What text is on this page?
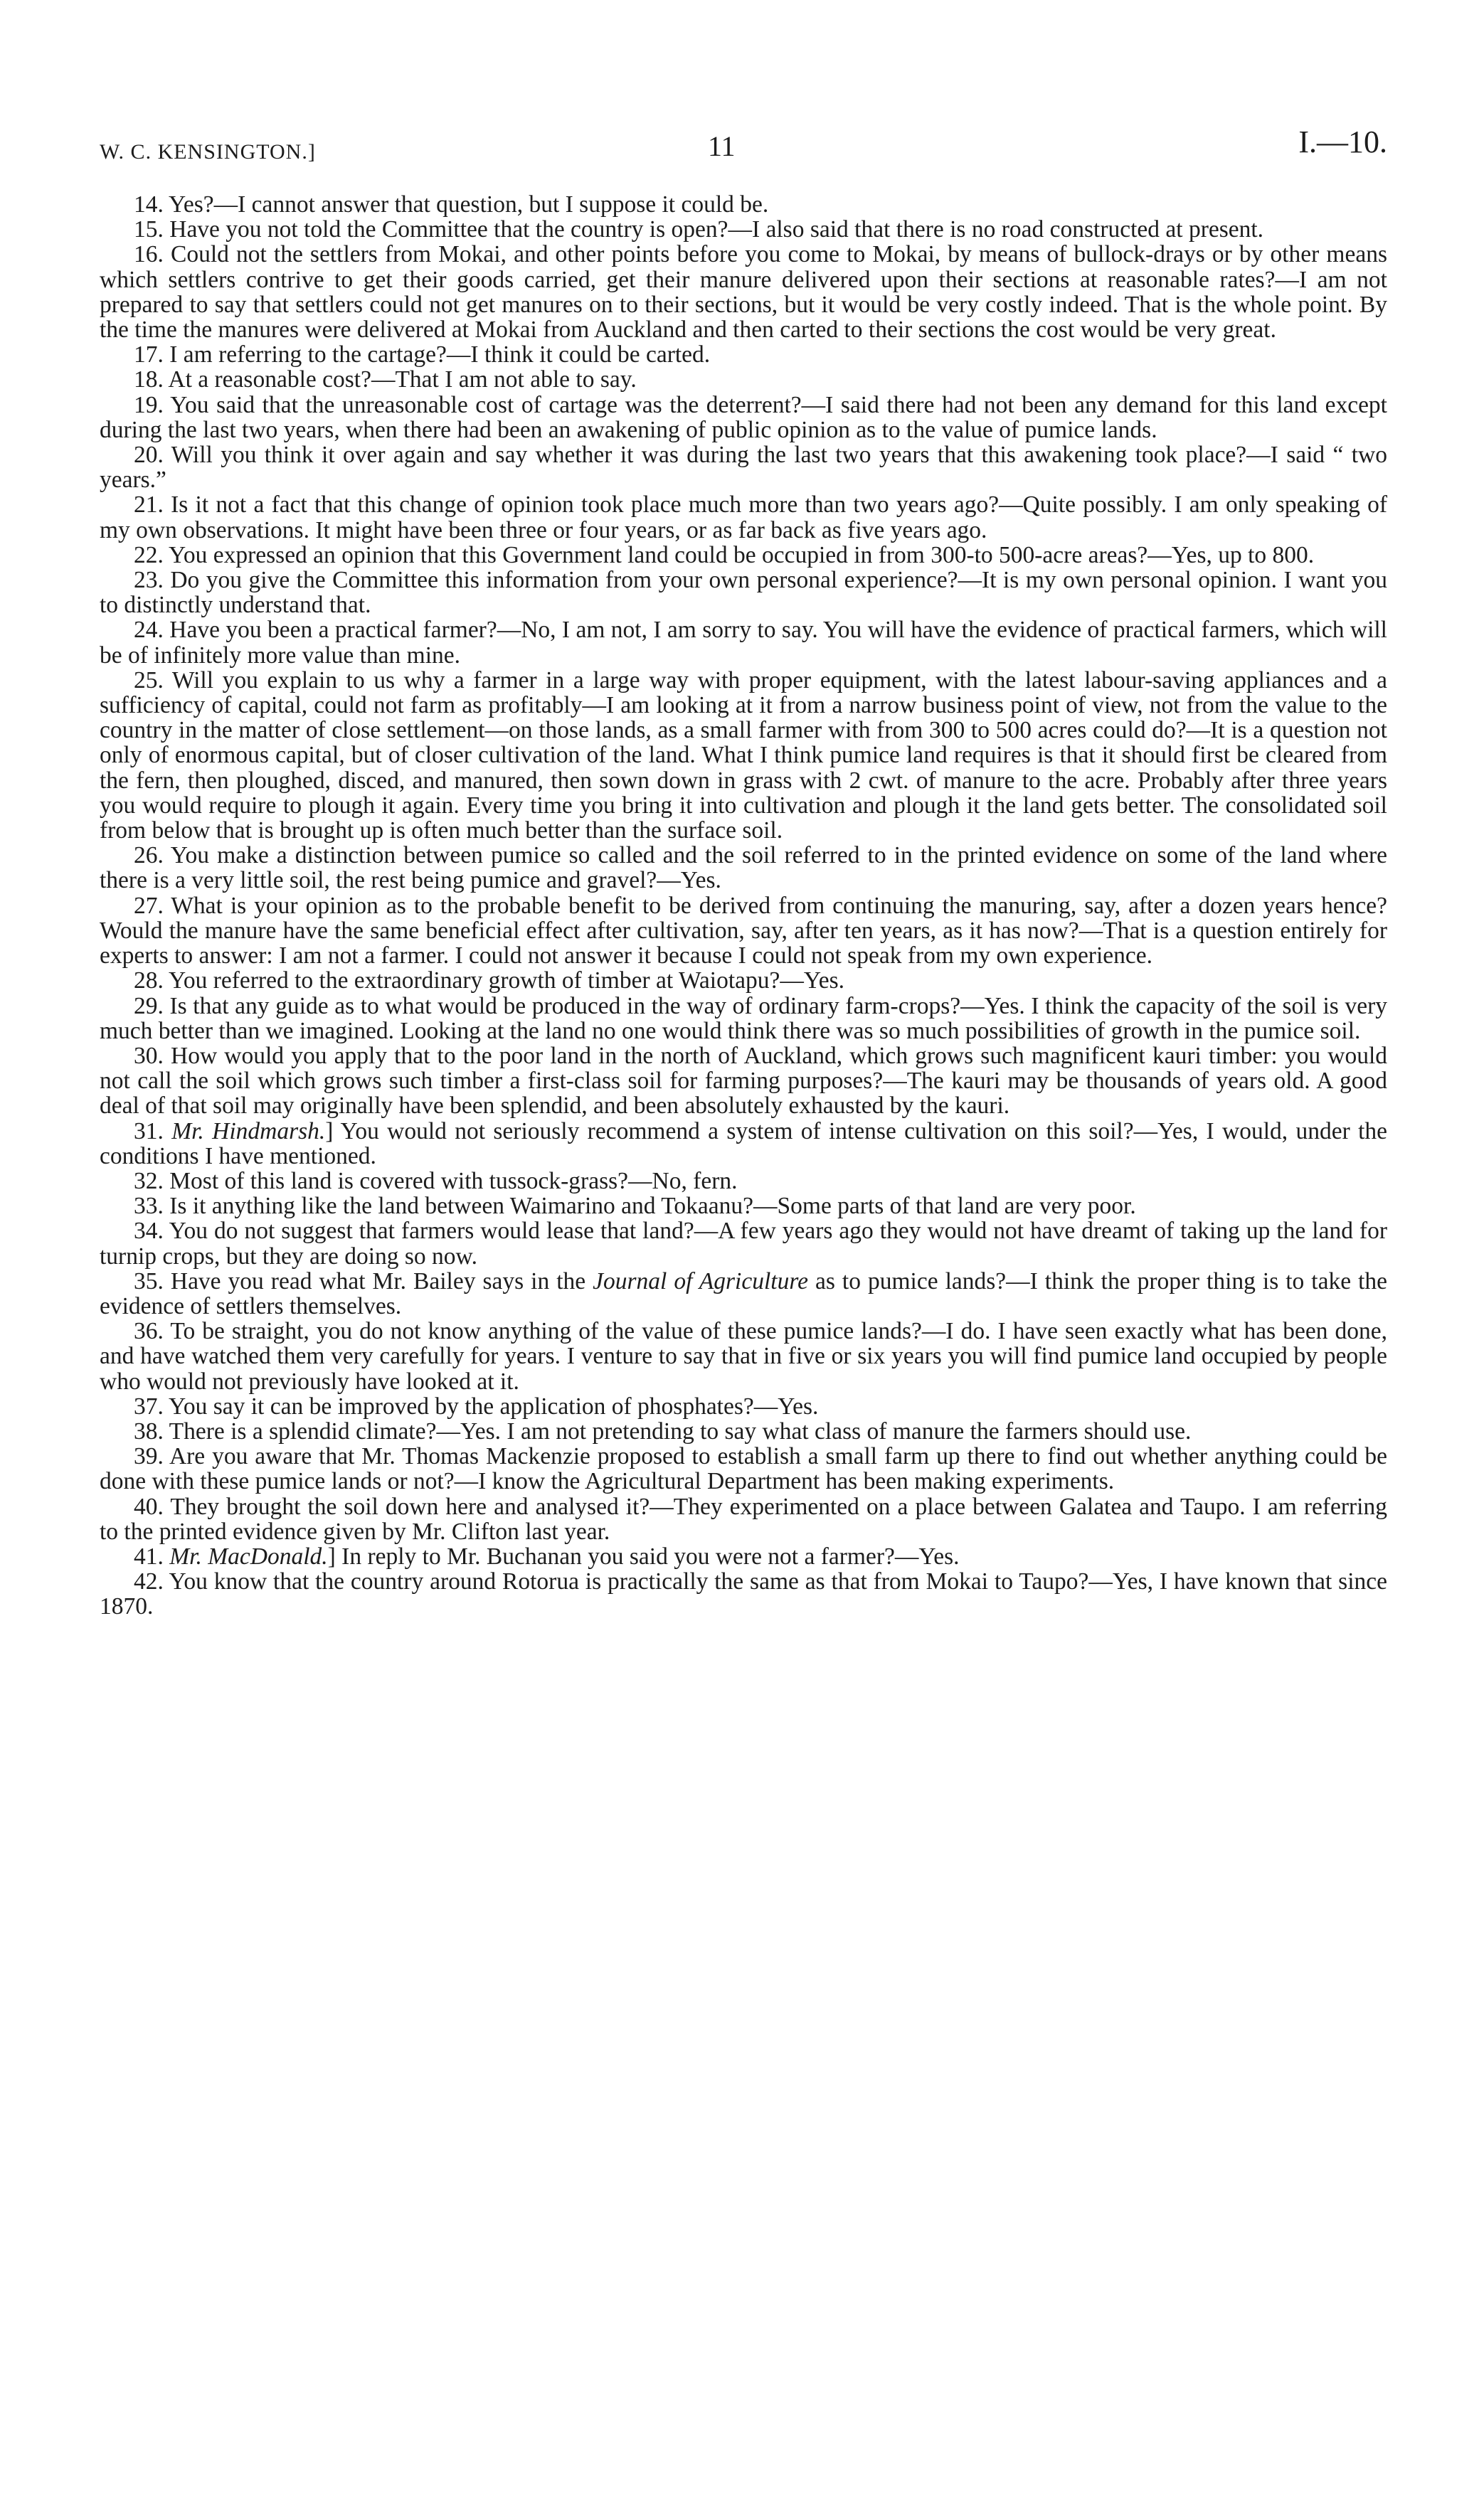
W. C. KENSINGTON.]	11	I.—10.

14. Yes?—I cannot answer that question, but I suppose it could be.

15. Have you not told the Committee that the country is open?—I also said that there is no road constructed at present.

16. Could not the settlers from Mokai, and other points before you come to Mokai, by means of bullock-drays or by other means which settlers contrive to get their goods carried, get their manure delivered upon their sections at reasonable rates?—I am not prepared to say that settlers could not get manures on to their sections, but it would be very costly indeed. That is the whole point. By the time the manures were delivered at Mokai from Auckland and then carted to their sections the cost would be very great.

17. I am referring to the cartage?—I think it could be carted.

18. At a reasonable cost?—That I am not able to say.

19. You said that the unreasonable cost of cartage was the deterrent?—I said there had not been any demand for this land except during the last two years, when there had been an awakening of public opinion as to the value of pumice lands.

20. Will you think it over again and say whether it was during the last two years that this awakening took place?—I said “ two years.”

21. Is it not a fact that this change of opinion took place much more than two years ago?—Quite possibly. I am only speaking of my own observations. It might have been three or four years, or as far back as five years ago.

22. You expressed an opinion that this Government land could be occupied in from 300-to 500-acre areas?—Yes, up to 800.

23. Do you give the Committee this information from your own personal experience?—It is my own personal opinion. I want you to distinctly understand that.

24. Have you been a practical farmer?—No, I am not, I am sorry to say. You will have the evidence of practical farmers, which will be of infinitely more value than mine.

25. Will you explain to us why a farmer in a large way with proper equipment, with the latest labour-saving appliances and a sufficiency of capital, could not farm as profitably—I am looking at it from a narrow business point of view, not from the value to the country in the matter of close settlement—on those lands, as a small farmer with from 300 to 500 acres could do?—It is a question not only of enormous capital, but of closer cultivation of the land. What I think pumice land requires is that it should first be cleared from the fern, then ploughed, disced, and manured, then sown down in grass with 2 cwt. of manure to the acre. Probably after three years you would require to plough it again. Every time you bring it into cultivation and plough it the land gets better. The consolidated soil from below that is brought up is often much better than the surface soil.

26. You make a distinction between pumice so called and the soil referred to in the printed evidence on some of the land where there is a very little soil, the rest being pumice and gravel?—Yes.

27. What is your opinion as to the probable benefit to be derived from continuing the manuring, say, after a dozen years hence? Would the manure have the same beneficial effect after cultivation, say, after ten years, as it has now?—That is a question entirely for experts to answer: I am not a farmer. I could not answer it because I could not speak from my own experience.

28. You referred to the extraordinary growth of timber at Waiotapu?—Yes.

29. Is that any guide as to what would be produced in the way of ordinary farm-crops?—Yes. I think the capacity of the soil is very much better than we imagined. Looking at the land no one would think there was so much possibilities of growth in the pumice soil.

30. How would you apply that to the poor land in the north of Auckland, which grows such magnificent kauri timber: you would not call the soil which grows such timber a first-class soil for farming purposes?—The kauri may be thousands of years old. A good deal of that soil may originally have been splendid, and been absolutely exhausted by the kauri.

31. Mr. Hindmarsh.] You would not seriously recommend a system of intense cultivation on this soil?—Yes, I would, under the conditions I have mentioned.

32. Most of this land is covered with tussock-grass?—No, fern.

33. Is it anything like the land between Waimarino and Tokaanu?—Some parts of that land are very poor.

34. You do not suggest that farmers would lease that land?—A few years ago they would not have dreamt of taking up the land for turnip crops, but they are doing so now.

35. Have you read what Mr. Bailey says in the Journal of Agriculture as to pumice lands?—I think the proper thing is to take the evidence of settlers themselves.

36. To be straight, you do not know anything of the value of these pumice lands?—I do. I have seen exactly what has been done, and have watched them very carefully for years. I venture to say that in five or six years you will find pumice land occupied by people who would not previously have looked at it.

37. You say it can be improved by the application of phosphates?—Yes.

38. There is a splendid climate?—Yes. I am not pretending to say what class of manure the farmers should use.

39. Are you aware that Mr. Thomas Mackenzie proposed to establish a small farm up there to find out whether anything could be done with these pumice lands or not?—I know the Agricultural Department has been making experiments.

40. They brought the soil down here and analysed it?—They experimented on a place between Galatea and Taupo. I am referring to the printed evidence given by Mr. Clifton last year.

41. Mr. MacDonald.] In reply to Mr. Buchanan you said you were not a farmer?—Yes.

42. You know that the country around Rotorua is practically the same as that from Mokai to Taupo?—Yes, I have known that since 1870.
